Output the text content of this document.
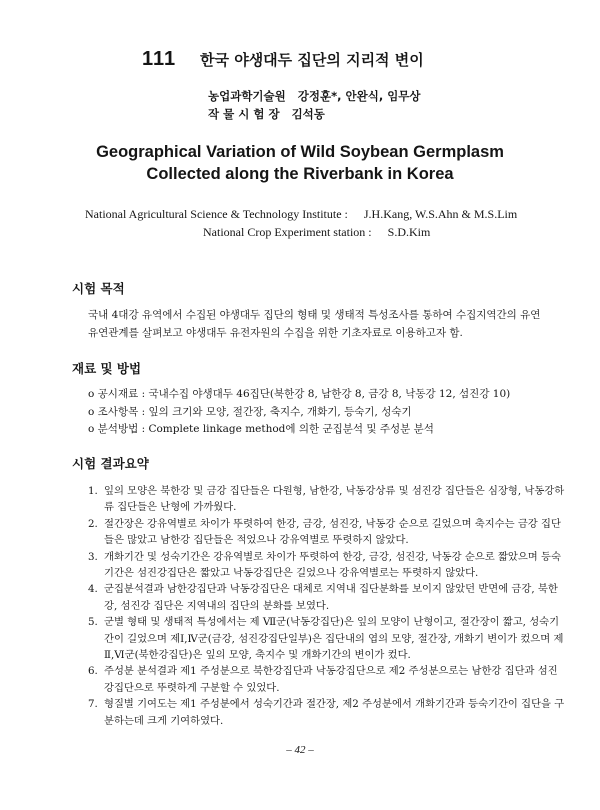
111 한국 야생대두 집단의 지리적 변이
농업과학기술원 강정훈*, 안완식, 임무상
작 물 시 험 장 김석동
Geographical Variation of Wild Soybean Germplasm
Collected along the Riverbank in Korea
National Agricultural Science & Technology Institute : J.H.Kang, W.S.Ahn & M.S.Lim
National Crop Experiment station : S.D.Kim
시험 목적
국내 4대강 유역에서 수집된 야생대두 집단의 형태 및 생태적 특성조사를 통하여 수집지역간의 유연
유연관계를 살펴보고 야생대두 유전자원의 수집을 위한 기초자료로 이용하고자 함.
재료 및 방법
o 공시재료 : 국내수집 야생대두 46집단(북한강 8, 남한강 8, 금강 8, 낙동강 12, 섬진강 10)
o 조사항목 : 잎의 크기와 모양, 절간장, 축지수, 개화기, 등숙기, 성숙기
o 분석방법 : Complete linkage method에 의한 군집분석 및 주성분 분석
시험 결과요약
1. 잎의 모양은 북한강 및 금강 집단들은 다원형, 남한강, 낙동강상류 및 섬진강 집단들은 심장형, 낙동강하류 집단들은 난형에 가까웠다.
2. 절간장은 강유역별로 차이가 뚜렷하여 한강, 금강, 섬진강, 낙동강 순으로 길었으며 축지수는 금강 집단들은 많았고 남한강 집단들은 적었으나 강유역별로 뚜렷하지 않았다.
3. 개화기간 및 성숙기간은 강유역별로 차이가 뚜렷하여 한강, 금강, 섬진강, 낙동강 순으로 짧았으며 등숙기간은 섬진강집단은 짧았고 낙동강집단은 길었으나 강유역별로는 뚜렷하지 않았다.
4. 군집분석결과 남한강집단과 낙동강집단은 대체로 지역내 집단분화를 보이지 않았던 반면에 금강, 북한강, 섬진강 집단은 지역내의 집단의 분화를 보였다.
5. 군별 형태 및 생태적 특성에서는 제 Ⅶ군(낙동강집단)은 잎의 모양이 난형이고, 절간장이 짧고, 성숙기간이 길었으며 제Ⅰ,Ⅳ군(금강, 섬진강집단일부)은 집단내의 엽의 모양, 절간장, 개화기 변이가 컸으며 제Ⅱ,Ⅵ군(북한강집단)은 잎의 모양, 축지수 및 개화기간의 변이가 컸다.
6. 주성분 분석결과 제1 주성분으로 북한강집단과 낙동강집단으로 제2 주성분으로는 남한강 집단과 섬진강집단으로 뚜렷하게 구분할 수 있었다.
7. 형질별 기여도는 제1 주성분에서 성숙기간과 절간장, 제2 주성분에서 개화기간과 등숙기간이 집단을 구분하는데 크게 기여하였다.
– 42 –
